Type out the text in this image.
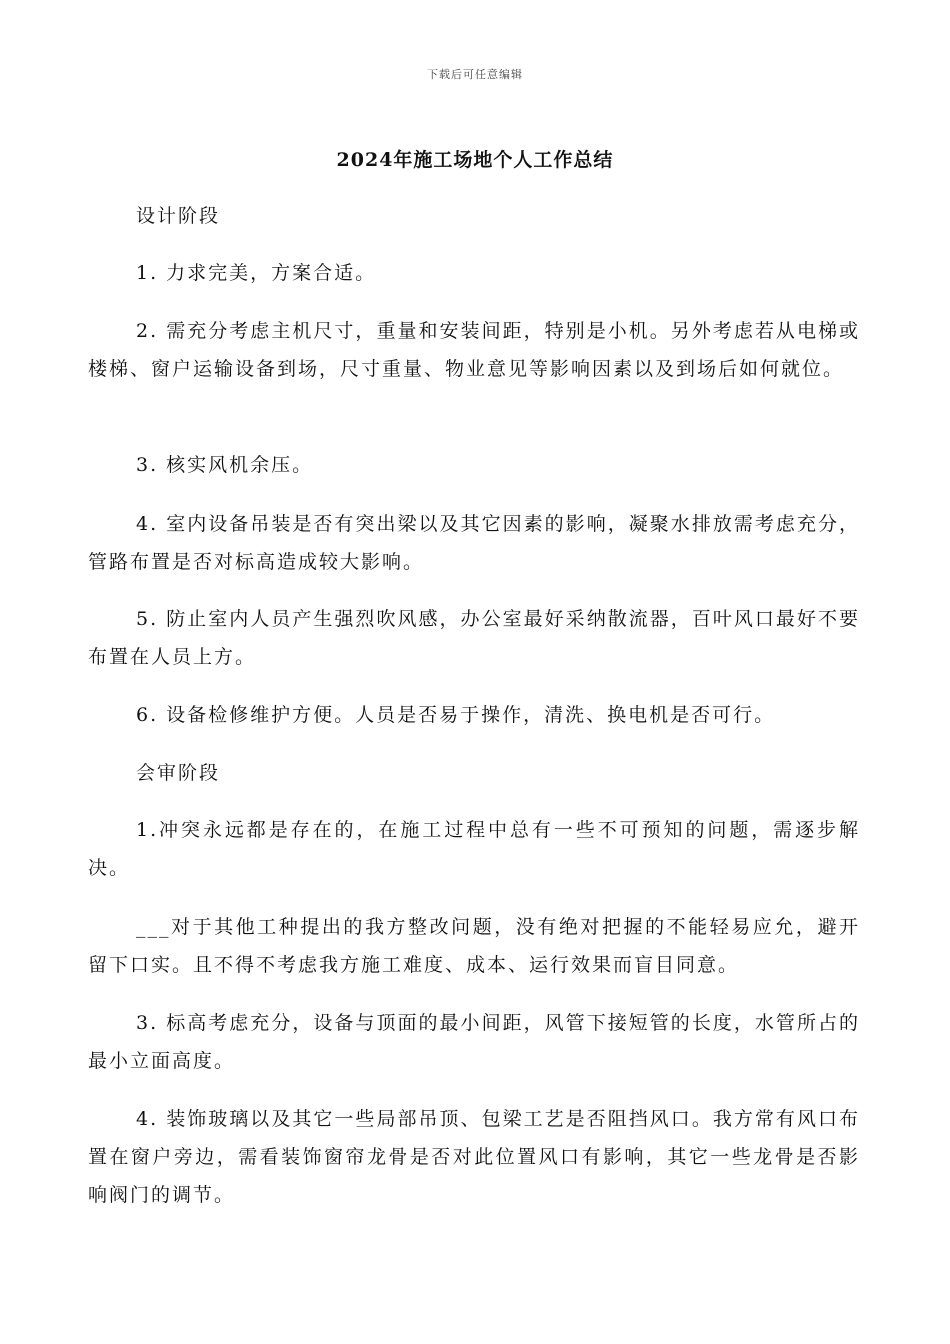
下载后可任意编辑
2024年施工场地个人工作总结

设计阶段

1. 力求完美，方案合适。

2. 需充分考虑主机尺寸，重量和安装间距，特别是小机。另外考虑若从电梯或楼梯、窗户运输设备到场，尺寸重量、物业意见等影响因素以及到场后如何就位。

3. 核实风机余压。

4. 室内设备吊装是否有突出梁以及其它因素的影响，凝聚水排放需考虑充分，管路布置是否对标高造成较大影响。

5. 防止室内人员产生强烈吹风感，办公室最好采纳散流器，百叶风口最好不要布置在人员上方。

6. 设备检修维护方便。人员是否易于操作，清洗、换电机是否可行。

会审阶段

1.冲突永远都是存在的，在施工过程中总有一些不可预知的问题，需逐步解决。

___对于其他工种提出的我方整改问题，没有绝对把握的不能轻易应允，避开留下口实。且不得不考虑我方施工难度、成本、运行效果而盲目同意。

3. 标高考虑充分，设备与顶面的最小间距，风管下接短管的长度，水管所占的最小立面高度。

4. 装饰玻璃以及其它一些局部吊顶、包梁工艺是否阻挡风口。我方常有风口布置在窗户旁边，需看装饰窗帘龙骨是否对此位置风口有影响，其它一些龙骨是否影响阀门的调节。
